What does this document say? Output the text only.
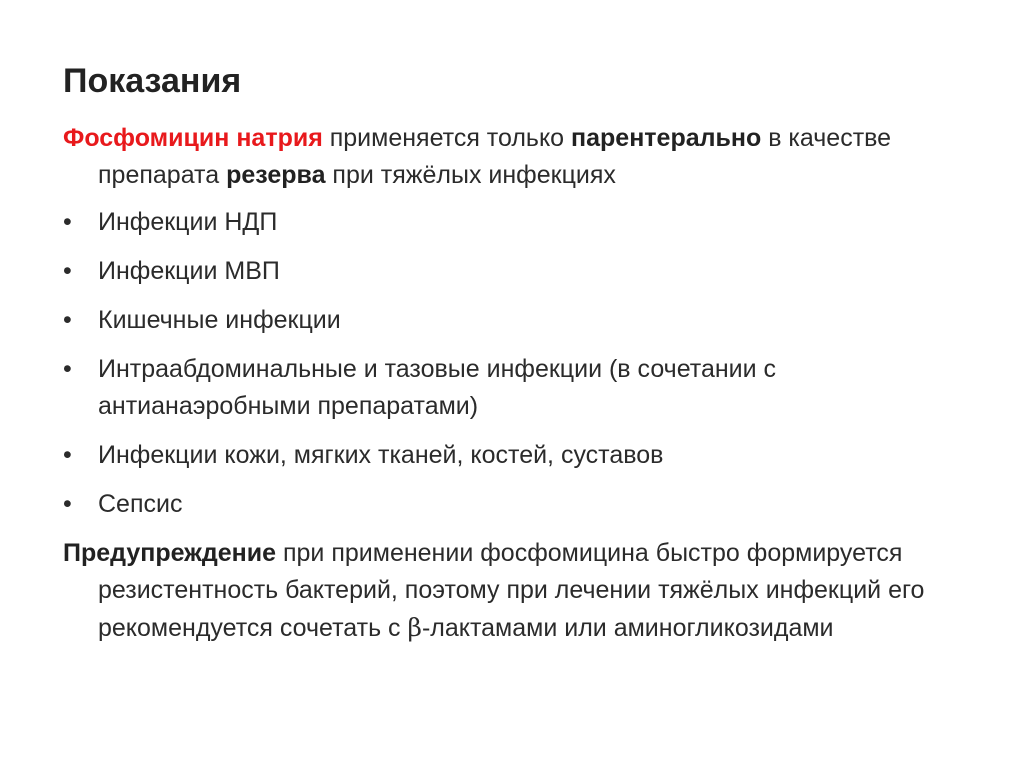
Показания

Фосфомицин натрия применяется только парентерально в качестве препарата резерва при тяжёлых инфекциях

•	Инфекции НДП
•	Инфекции МВП
•	Кишечные инфекции
•	Интраабдоминальные и тазовые инфекции (в сочетании с антианаэробными препаратами)
•	Инфекции кожи, мягких тканей, костей, суставов
•	Сепсис

Предупреждение при применении фосфомицина быстро формируется резистентность бактерий, поэтому при лечении тяжёлых инфекций его рекомендуется сочетать с β-лактамами или аминогликозидами
